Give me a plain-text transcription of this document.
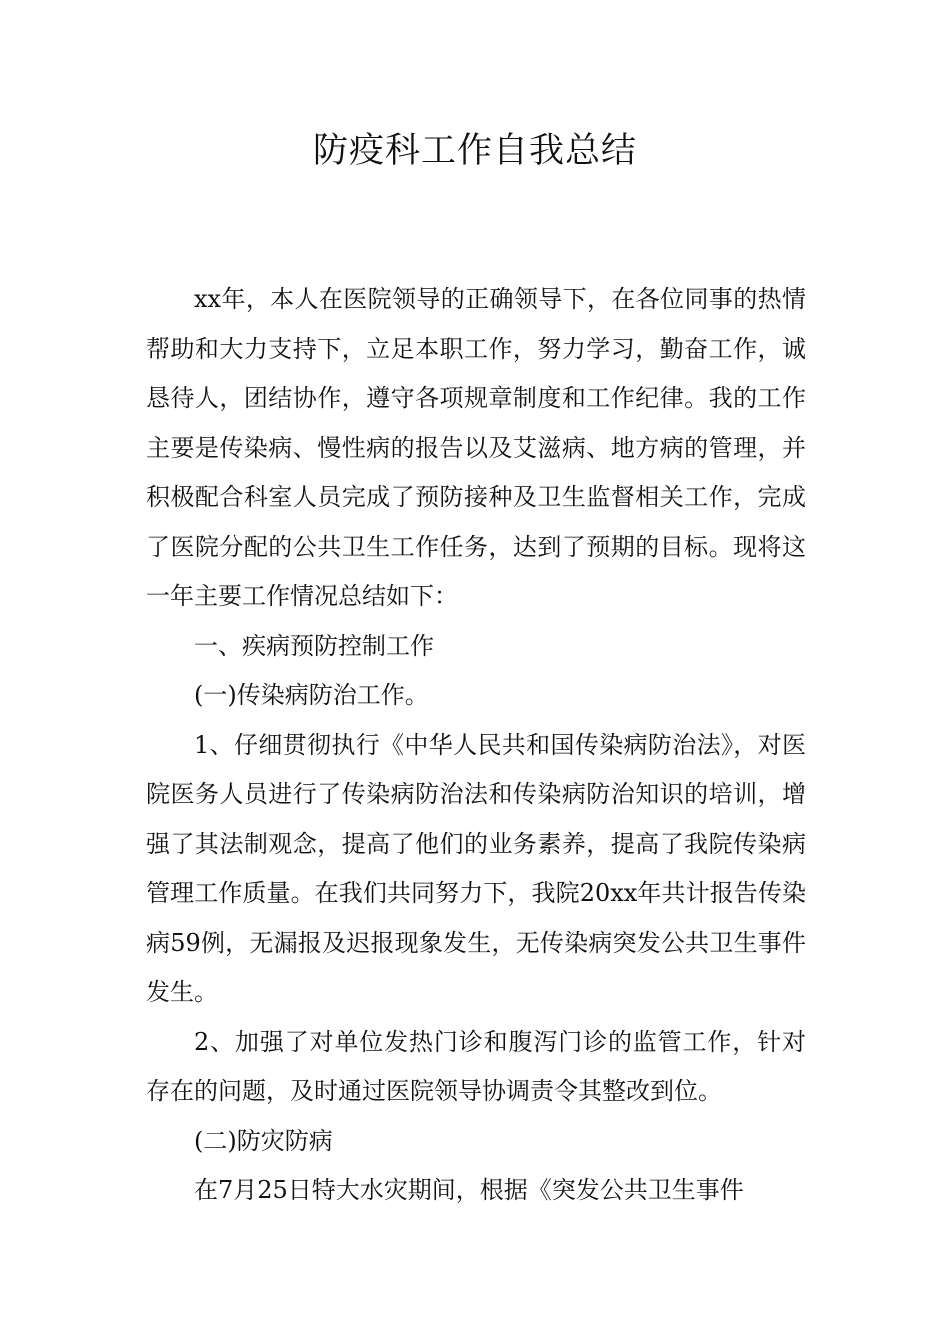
防疫科工作自我总结

xx年，本人在医院领导的正确领导下，在各位同事的热情帮助和大力支持下，立足本职工作，努力学习，勤奋工作，诚恳待人，团结协作，遵守各项规章制度和工作纪律。我的工作主要是传染病、慢性病的报告以及艾滋病、地方病的管理，并积极配合科室人员完成了预防接种及卫生监督相关工作，完成了医院分配的公共卫生工作任务，达到了预期的目标。现将这一年主要工作情况总结如下：

一、疾病预防控制工作

(一)传染病防治工作。

1、仔细贯彻执行《中华人民共和国传染病防治法》，对医院医务人员进行了传染病防治法和传染病防治知识的培训，增强了其法制观念，提高了他们的业务素养，提高了我院传染病管理工作质量。在我们共同努力下，我院20xx年共计报告传染病59例，无漏报及迟报现象发生，无传染病突发公共卫生事件发生。

2、加强了对单位发热门诊和腹泻门诊的监管工作，针对存在的问题，及时通过医院领导协调责令其整改到位。

(二)防灾防病

在7月25日特大水灾期间，根据《突发公共卫生事件
